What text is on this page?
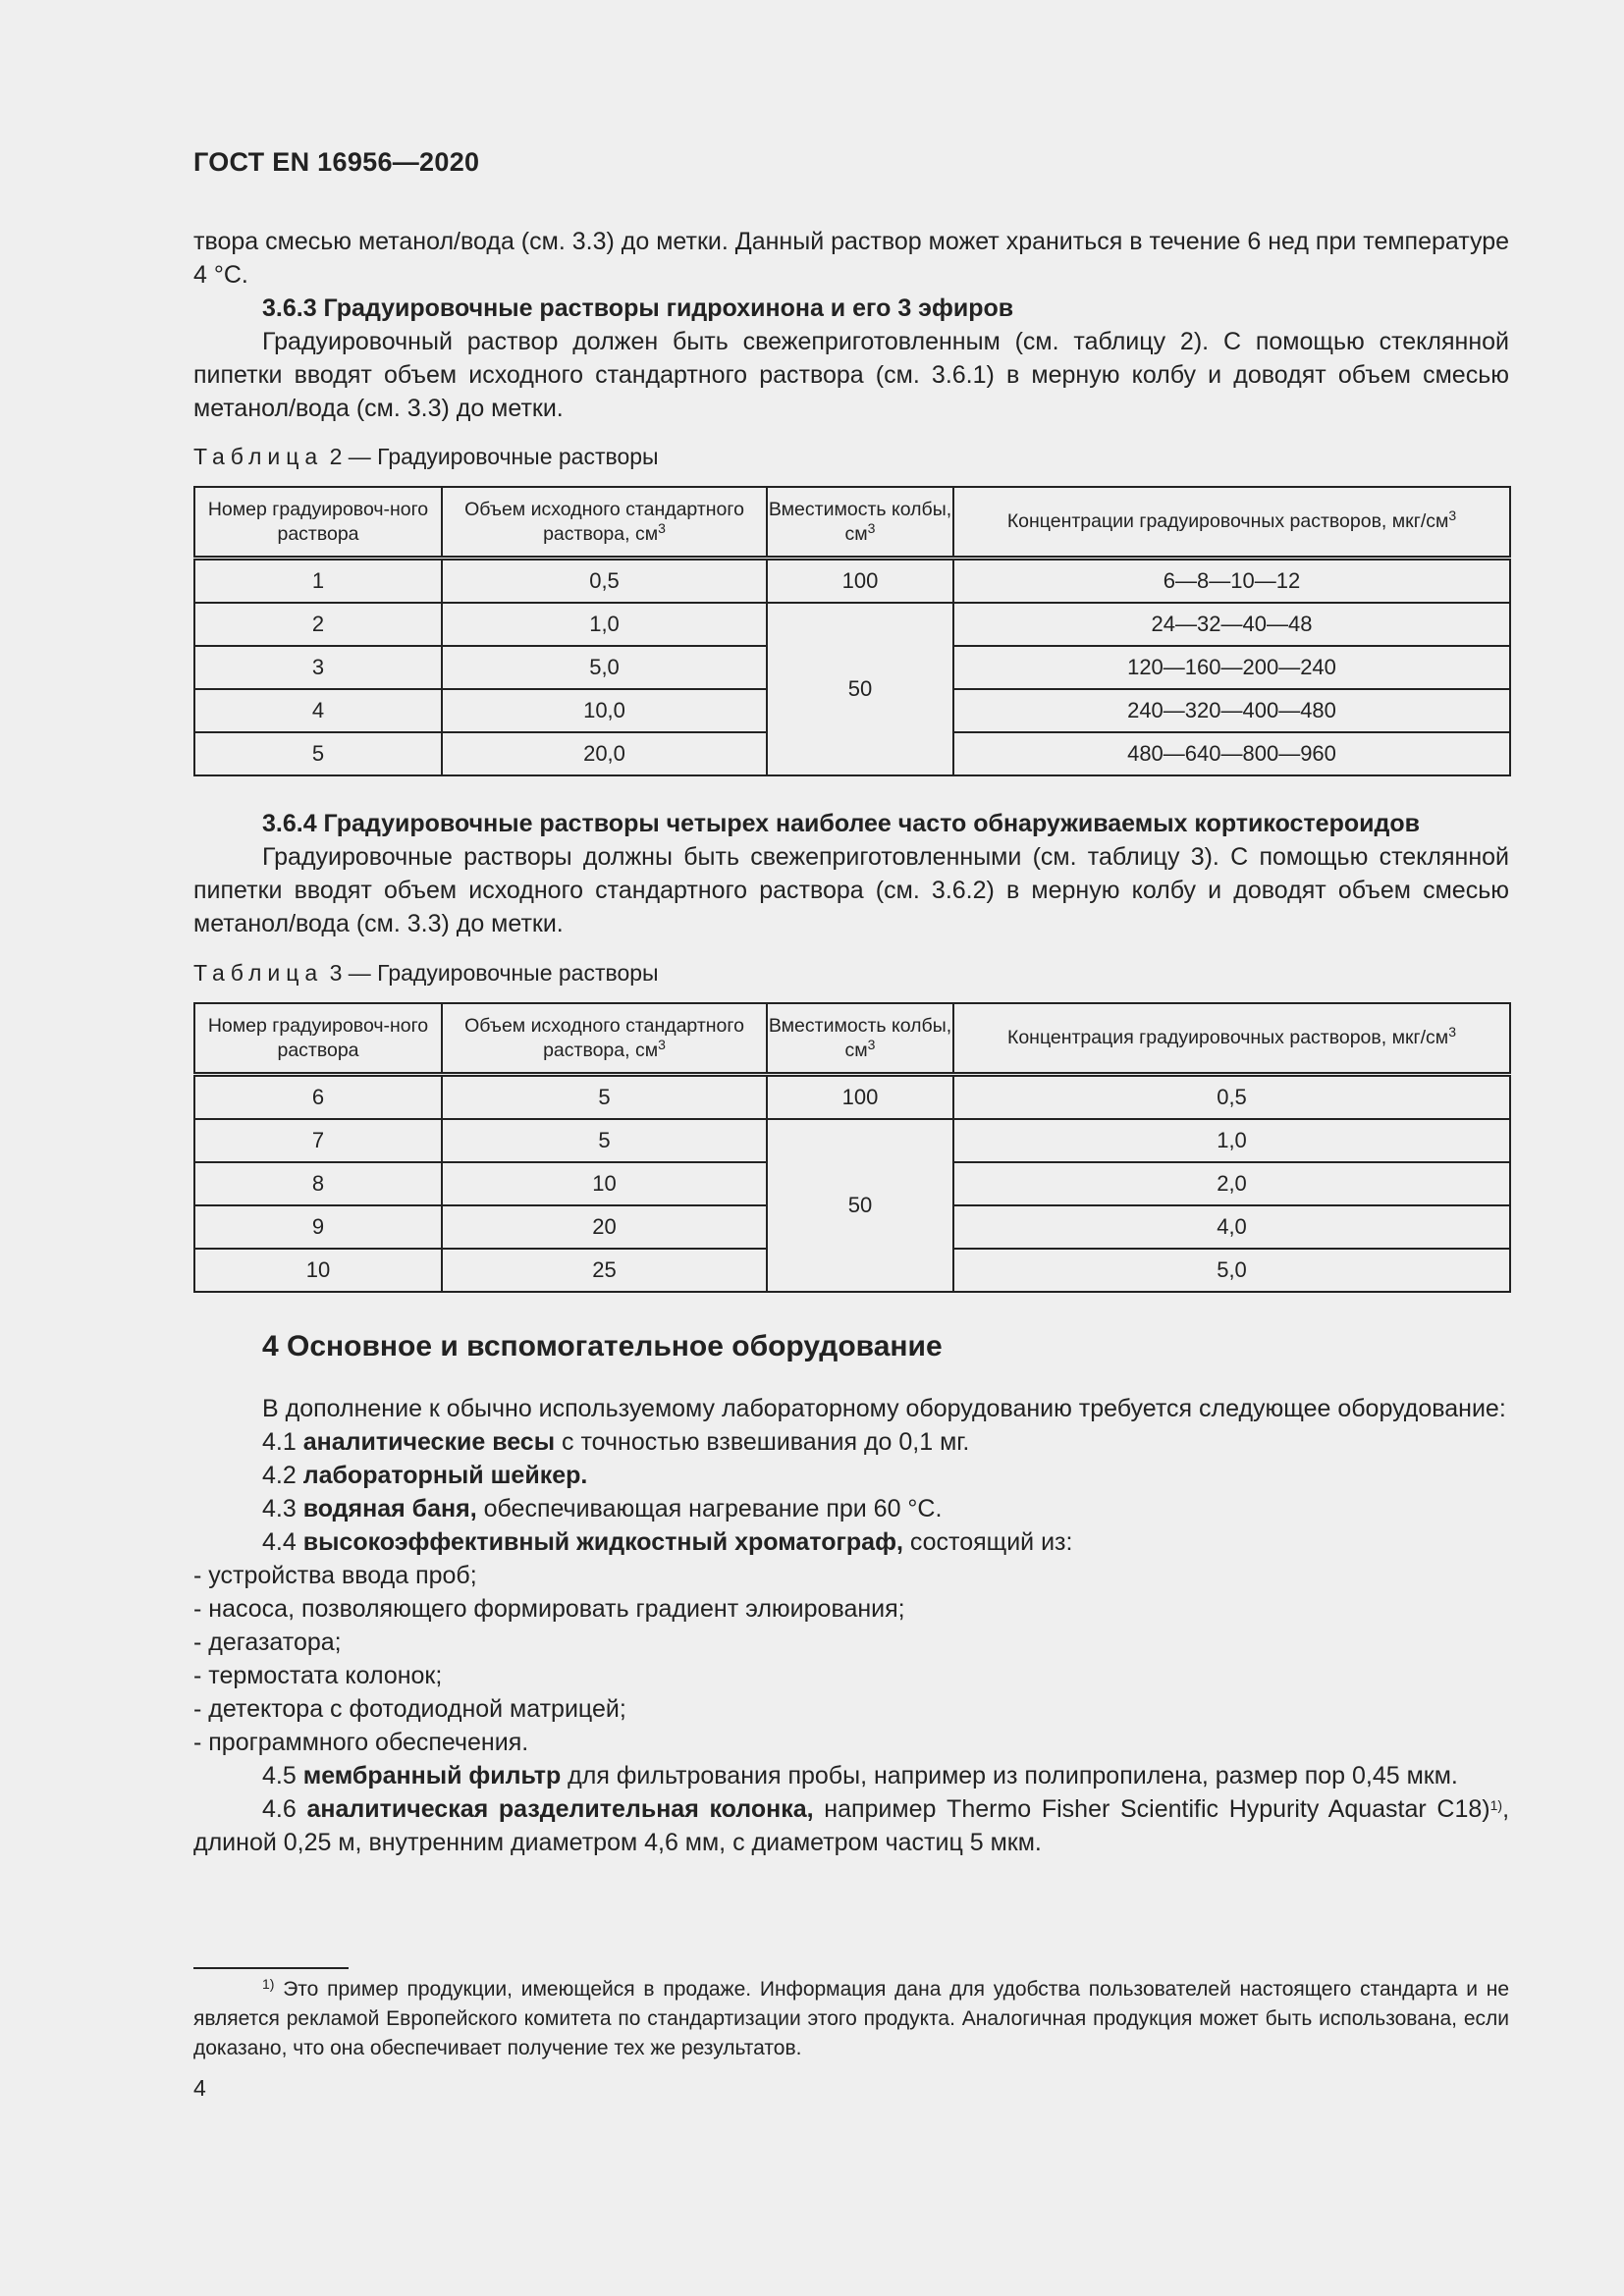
ГОСТ EN 16956—2020

твора смесью метанол/вода (см. 3.3) до метки. Данный раствор может храниться в течение 6 нед при температуре 4 °С.

3.6.3 Градуировочные растворы гидрохинона и его 3 эфиров

Градуировочный раствор должен быть свежеприготовленным (см. таблицу 2). С помощью стеклянной пипетки вводят объем исходного стандартного раствора (см. 3.6.1) в мерную колбу и доводят объем смесью метанол/вода (см. 3.3) до метки.

Таблица 2 — Градуировочные растворы
Номер градуировоч-ного раствора	Объем исходного стандартного раствора, $см^3$	Вместимость колбы, $см^3$	Концентрации градуировочных растворов, мкг/$см^3$
1	0,5	100	6—8—10—12
2	1,0	50	24—32—40—48
3	5,0		120—160—200—240
4	10,0		240—320—400—480
5	20,0		480—640—800—960

3.6.4 Градуировочные растворы четырех наиболее часто обнаруживаемых кортикостероидов

Градуировочные растворы должны быть свежеприготовленными (см. таблицу 3). С помощью стеклянной пипетки вводят объем исходного стандартного раствора (см. 3.6.2) в мерную колбу и доводят объем смесью метанол/вода (см. 3.3) до метки.

Таблица 3 — Градуировочные растворы
Номер градуировоч-ного раствора	Объем исходного стандартного раствора, $см^3$	Вместимость колбы, $см^3$	Концентрация градуировочных растворов, мкг/$см^3$
6	5	100	0,5
7	5	50	1,0
8	10		2,0
9	20		4,0
10	25		5,0
4 Основное и вспомогательное оборудование

В дополнение к обычно используемому лабораторному оборудованию требуется следующее оборудование:

4.1 аналитические весы с точностью взвешивания до 0,1 мг.

4.2 лабораторный шейкер.

4.3 водяная баня, обеспечивающая нагревание при 60 °С.

4.4 высокоэффективный жидкостный хроматограф, состоящий из:

- устройства ввода проб;

- насоса, позволяющего формировать градиент элюирования;

- дегазатора;

- термостата колонок;

- детектора с фотодиодной матрицей;

- программного обеспечения.

4.5 мембранный фильтр для фильтрования пробы, например из полипропилена, размер пор 0,45 мкм.

4.6 аналитическая разделительная колонка, например Thermo Fisher Scientific Hypurity Aquastar C18)$^{1)}$, длиной 0,25 м, внутренним диаметром 4,6 мм, с диаметром частиц 5 мкм.

$^{1)}$ Это пример продукции, имеющейся в продаже. Информация дана для удобства пользователей настоящего стандарта и не является рекламой Европейского комитета по стандартизации этого продукта. Аналогичная продукция может быть использована, если доказано, что она обеспечивает получение тех же результатов.

4
